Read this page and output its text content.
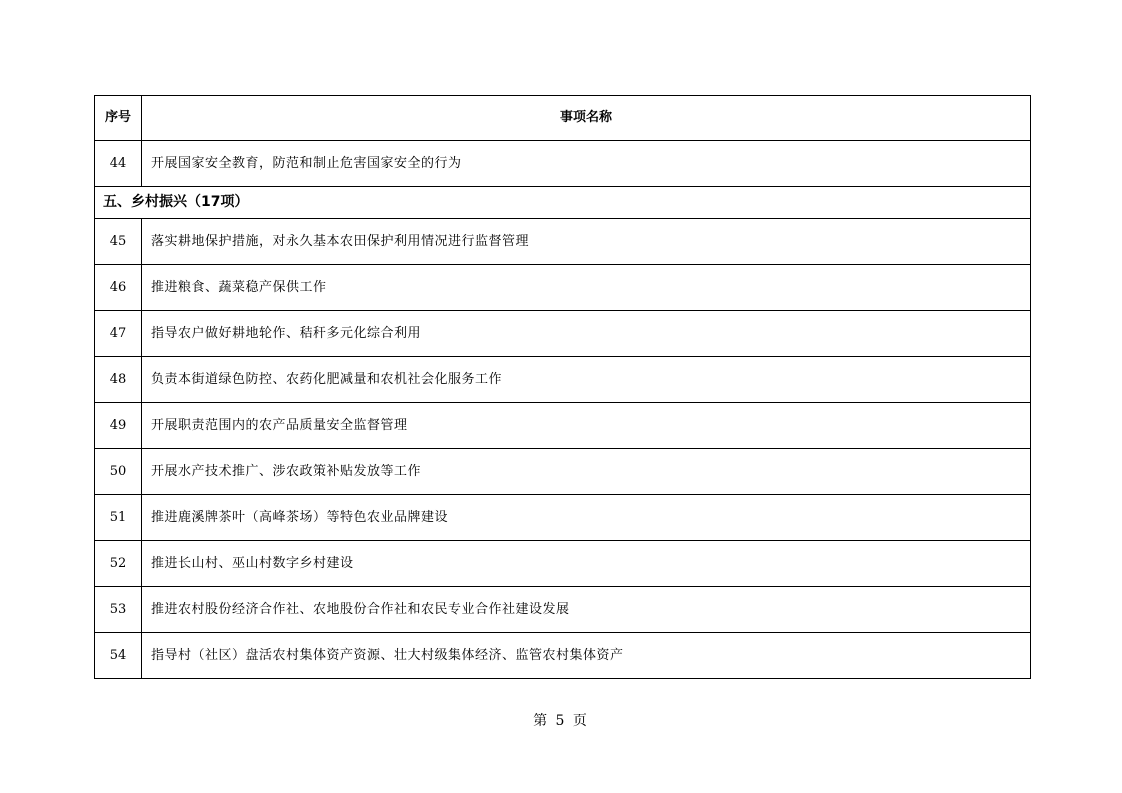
序号	事项名称
44	开展国家安全教育，防范和制止危害国家安全的行为
五、乡村振兴（17项）	
45	落实耕地保护措施，对永久基本农田保护利用情况进行监督管理
46	推进粮食、蔬菜稳产保供工作
47	指导农户做好耕地轮作、秸秆多元化综合利用
48	负责本街道绿色防控、农药化肥减量和农机社会化服务工作
49	开展职责范围内的农产品质量安全监督管理
50	开展水产技术推广、涉农政策补贴发放等工作
51	推进鹿溪牌茶叶（高峰茶场）等特色农业品牌建设
52	推进长山村、巫山村数字乡村建设
53	推进农村股份经济合作社、农地股份合作社和农民专业合作社建设发展
54	指导村（社区）盘活农村集体资产资源、壮大村级集体经济、监管农村集体资产
第 5 页
